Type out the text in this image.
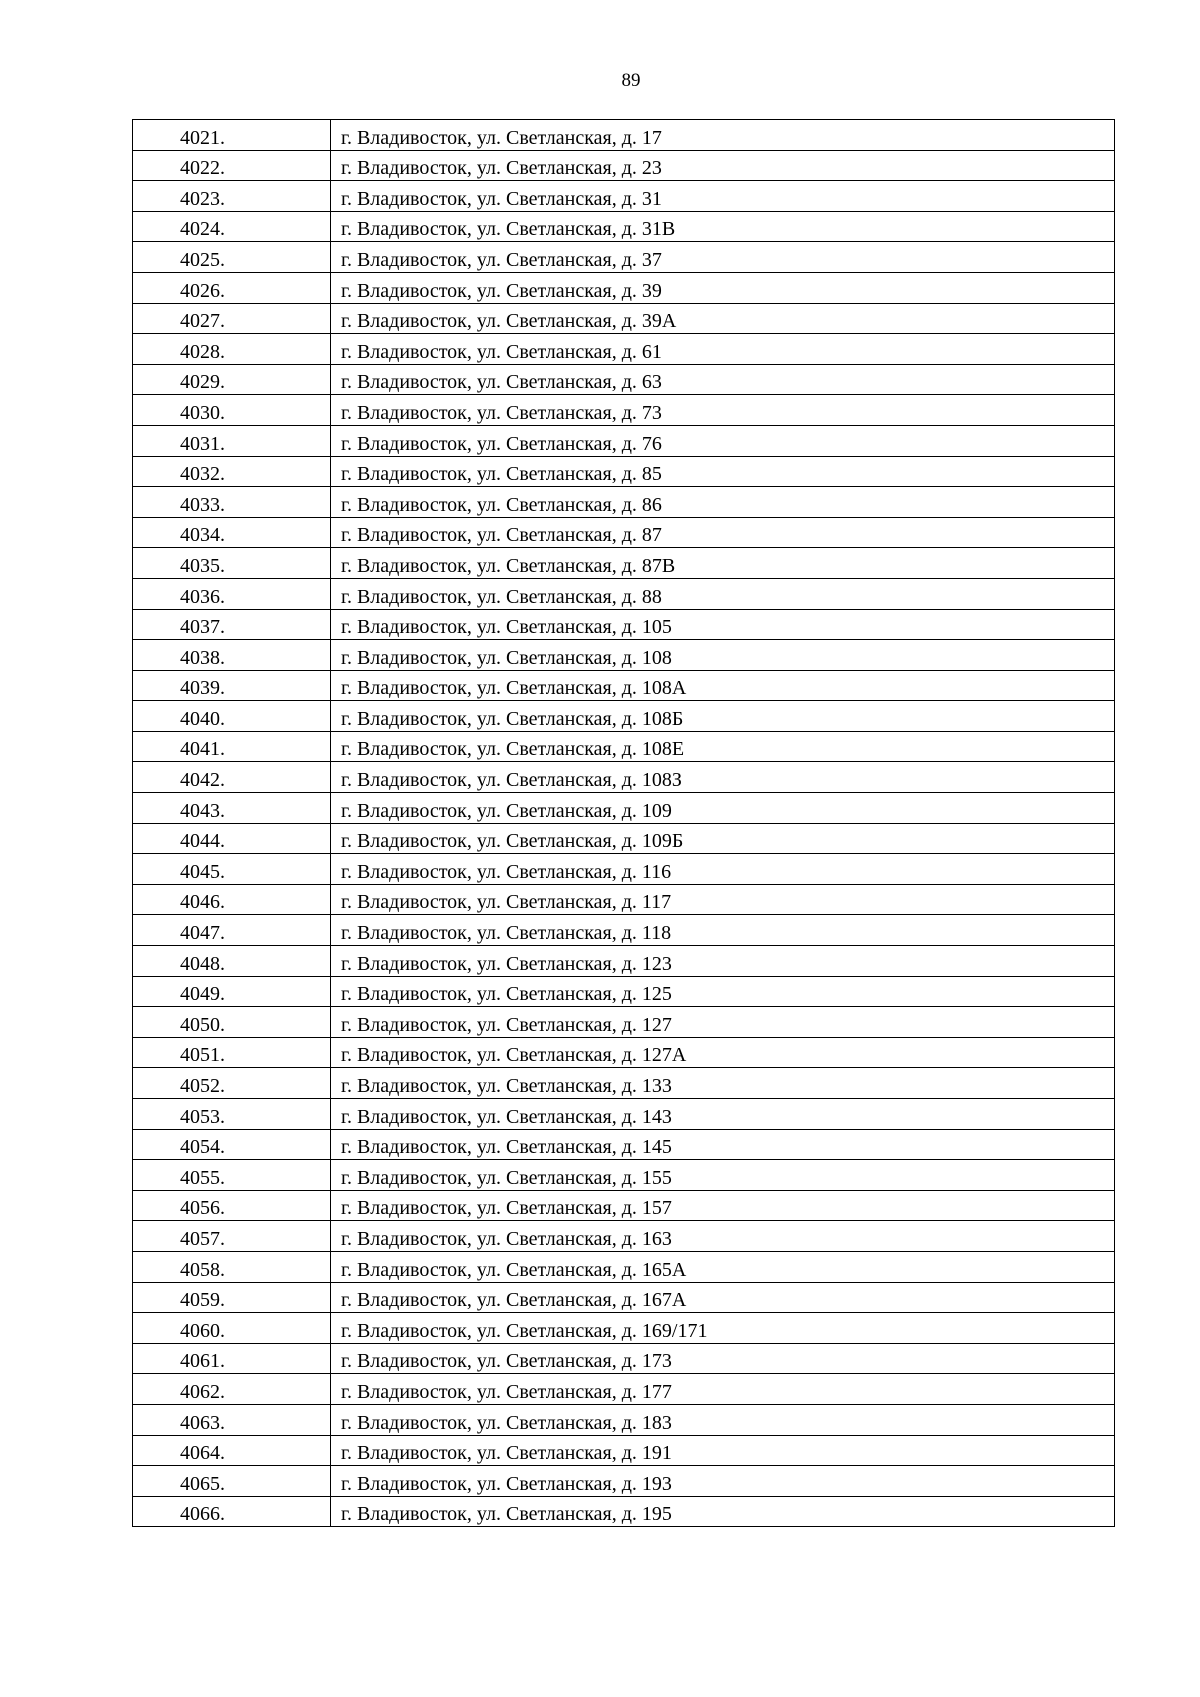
89
4021.	г. Владивосток, ул. Светланская, д. 17

4022.	г. Владивосток, ул. Светланская, д. 23

4023.	г. Владивосток, ул. Светланская, д. 31

4024.	г. Владивосток, ул. Светланская, д. 31В

4025.	г. Владивосток, ул. Светланская, д. 37

4026.	г. Владивосток, ул. Светланская, д. 39

4027.	г. Владивосток, ул. Светланская, д. 39А

4028.	г. Владивосток, ул. Светланская, д. 61

4029.	г. Владивосток, ул. Светланская, д. 63

4030.	г. Владивосток, ул. Светланская, д. 73

4031.	г. Владивосток, ул. Светланская, д. 76

4032.	г. Владивосток, ул. Светланская, д. 85

4033.	г. Владивосток, ул. Светланская, д. 86

4034.	г. Владивосток, ул. Светланская, д. 87

4035.	г. Владивосток, ул. Светланская, д. 87В

4036.	г. Владивосток, ул. Светланская, д. 88

4037.	г. Владивосток, ул. Светланская, д. 105

4038.	г. Владивосток, ул. Светланская, д. 108

4039.	г. Владивосток, ул. Светланская, д. 108А

4040.	г. Владивосток, ул. Светланская, д. 108Б

4041.	г. Владивосток, ул. Светланская, д. 108Е

4042.	г. Владивосток, ул. Светланская, д. 108З

4043.	г. Владивосток, ул. Светланская, д. 109

4044.	г. Владивосток, ул. Светланская, д. 109Б

4045.	г. Владивосток, ул. Светланская, д. 116

4046.	г. Владивосток, ул. Светланская, д. 117

4047.	г. Владивосток, ул. Светланская, д. 118

4048.	г. Владивосток, ул. Светланская, д. 123

4049.	г. Владивосток, ул. Светланская, д. 125

4050.	г. Владивосток, ул. Светланская, д. 127

4051.	г. Владивосток, ул. Светланская, д. 127А

4052.	г. Владивосток, ул. Светланская, д. 133

4053.	г. Владивосток, ул. Светланская, д. 143

4054.	г. Владивосток, ул. Светланская, д. 145

4055.	г. Владивосток, ул. Светланская, д. 155

4056.	г. Владивосток, ул. Светланская, д. 157

4057.	г. Владивосток, ул. Светланская, д. 163

4058.	г. Владивосток, ул. Светланская, д. 165А

4059.	г. Владивосток, ул. Светланская, д. 167А

4060.	г. Владивосток, ул. Светланская, д. 169/171

4061.	г. Владивосток, ул. Светланская, д. 173

4062.	г. Владивосток, ул. Светланская, д. 177

4063.	г. Владивосток, ул. Светланская, д. 183

4064.	г. Владивосток, ул. Светланская, д. 191

4065.	г. Владивосток, ул. Светланская, д. 193

4066.	г. Владивосток, ул. Светланская, д. 195
